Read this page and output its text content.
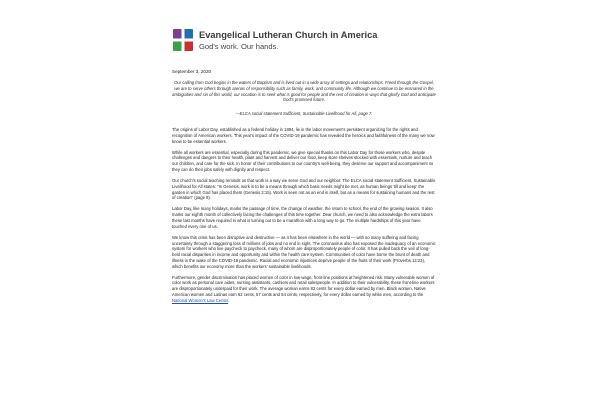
Evangelical Lutheran Church in America
God's work. Our hands.
September 3, 2020

Our calling from God begins in the waters of Baptism and is lived out in a wide array of settings and relationships. Freed through the Gospel, we are to serve others through arenas of responsibility such as family, work, and community life. Although we continue to be ensnared in the ambiguities and sin of this world, our vocation is to seek what is good for people and the rest of creation in ways that glorify God and anticipate God's promised future.

—ELCA social statement Sufficient, Sustainable Livelihood for All, page 7.

The origins of Labor Day, established as a federal holiday in 1894, lie in the labor movement's persistent organizing for the rights and recognition of American workers. This year's impact of the COVID-19 pandemic has revealed the heroics and faithfulness of the many we now know to be essential workers.

While all workers are essential, especially during this pandemic, we give special thanks on this Labor Day for those workers who, despite challenges and dangers to their health, plant and harvest and deliver our food, keep store shelves stocked with essentials, nurture and teach our children, and care for the sick. In honor of their contributions to our country's well-being, they deserve our support and accompaniment so they can do their jobs safely with dignity and respect.

Our church's social teaching reminds us that work is a way we serve God and our neighbor. The ELCA social statement Sufficient, Sustainable Livelihood for All states: "In Genesis, work is to be a means through which basic needs might be met, as human beings 'till and keep' the garden in which God has placed them (Genesis 2:15). Work is seen not as an end in itself, but as a means for sustaining humans and the rest of creation" (page 8).

Labor Day, like many holidays, marks the passage of time, the change of weather, the return to school, the end of the growing season. It also marks our eighth month of collectively facing the challenges of this time together. Dear church, we need to also acknowledge the extra labors these last months have required in what is turning out to be a marathon with a long way to go. The multiple hardships of this year have touched every one of us.

We know this crisis has been disruptive and destructive — as it has been elsewhere in the world — with so many suffering and facing uncertainty through a staggering loss of millions of jobs and no end in sight. The coronavirus also has exposed the inadequacy of an economic system for workers who live paycheck to paycheck, many of whom are disproportionately people of color. It has pulled back the veil of long-held racial disparities in income and opportunity and within the health care system. Communities of color have borne the brunt of death and illness in the wake of the COVID-19 pandemic. Racial and economic injustices deprive people of the fruits of their work (Proverbs 13:23), which benefits our economy more than the workers' sustainable livelihoods.

Furthermore, gender discrimination has placed women of color in low-wage, front-line positions at heightened risk. Many vulnerable women of color work as personal care aides, nursing assistants, cashiers and retail salespeople. In addition to their vulnerability, these front-line workers are disproportionately underpaid for their work. The average woman earns 82 cents for every dollar earned by men. Black women, Native American women and Latinas earn 62 cents, 57 cents and 54 cents, respectively, for every dollar earned by white men, according to the National Women's Law Center.
